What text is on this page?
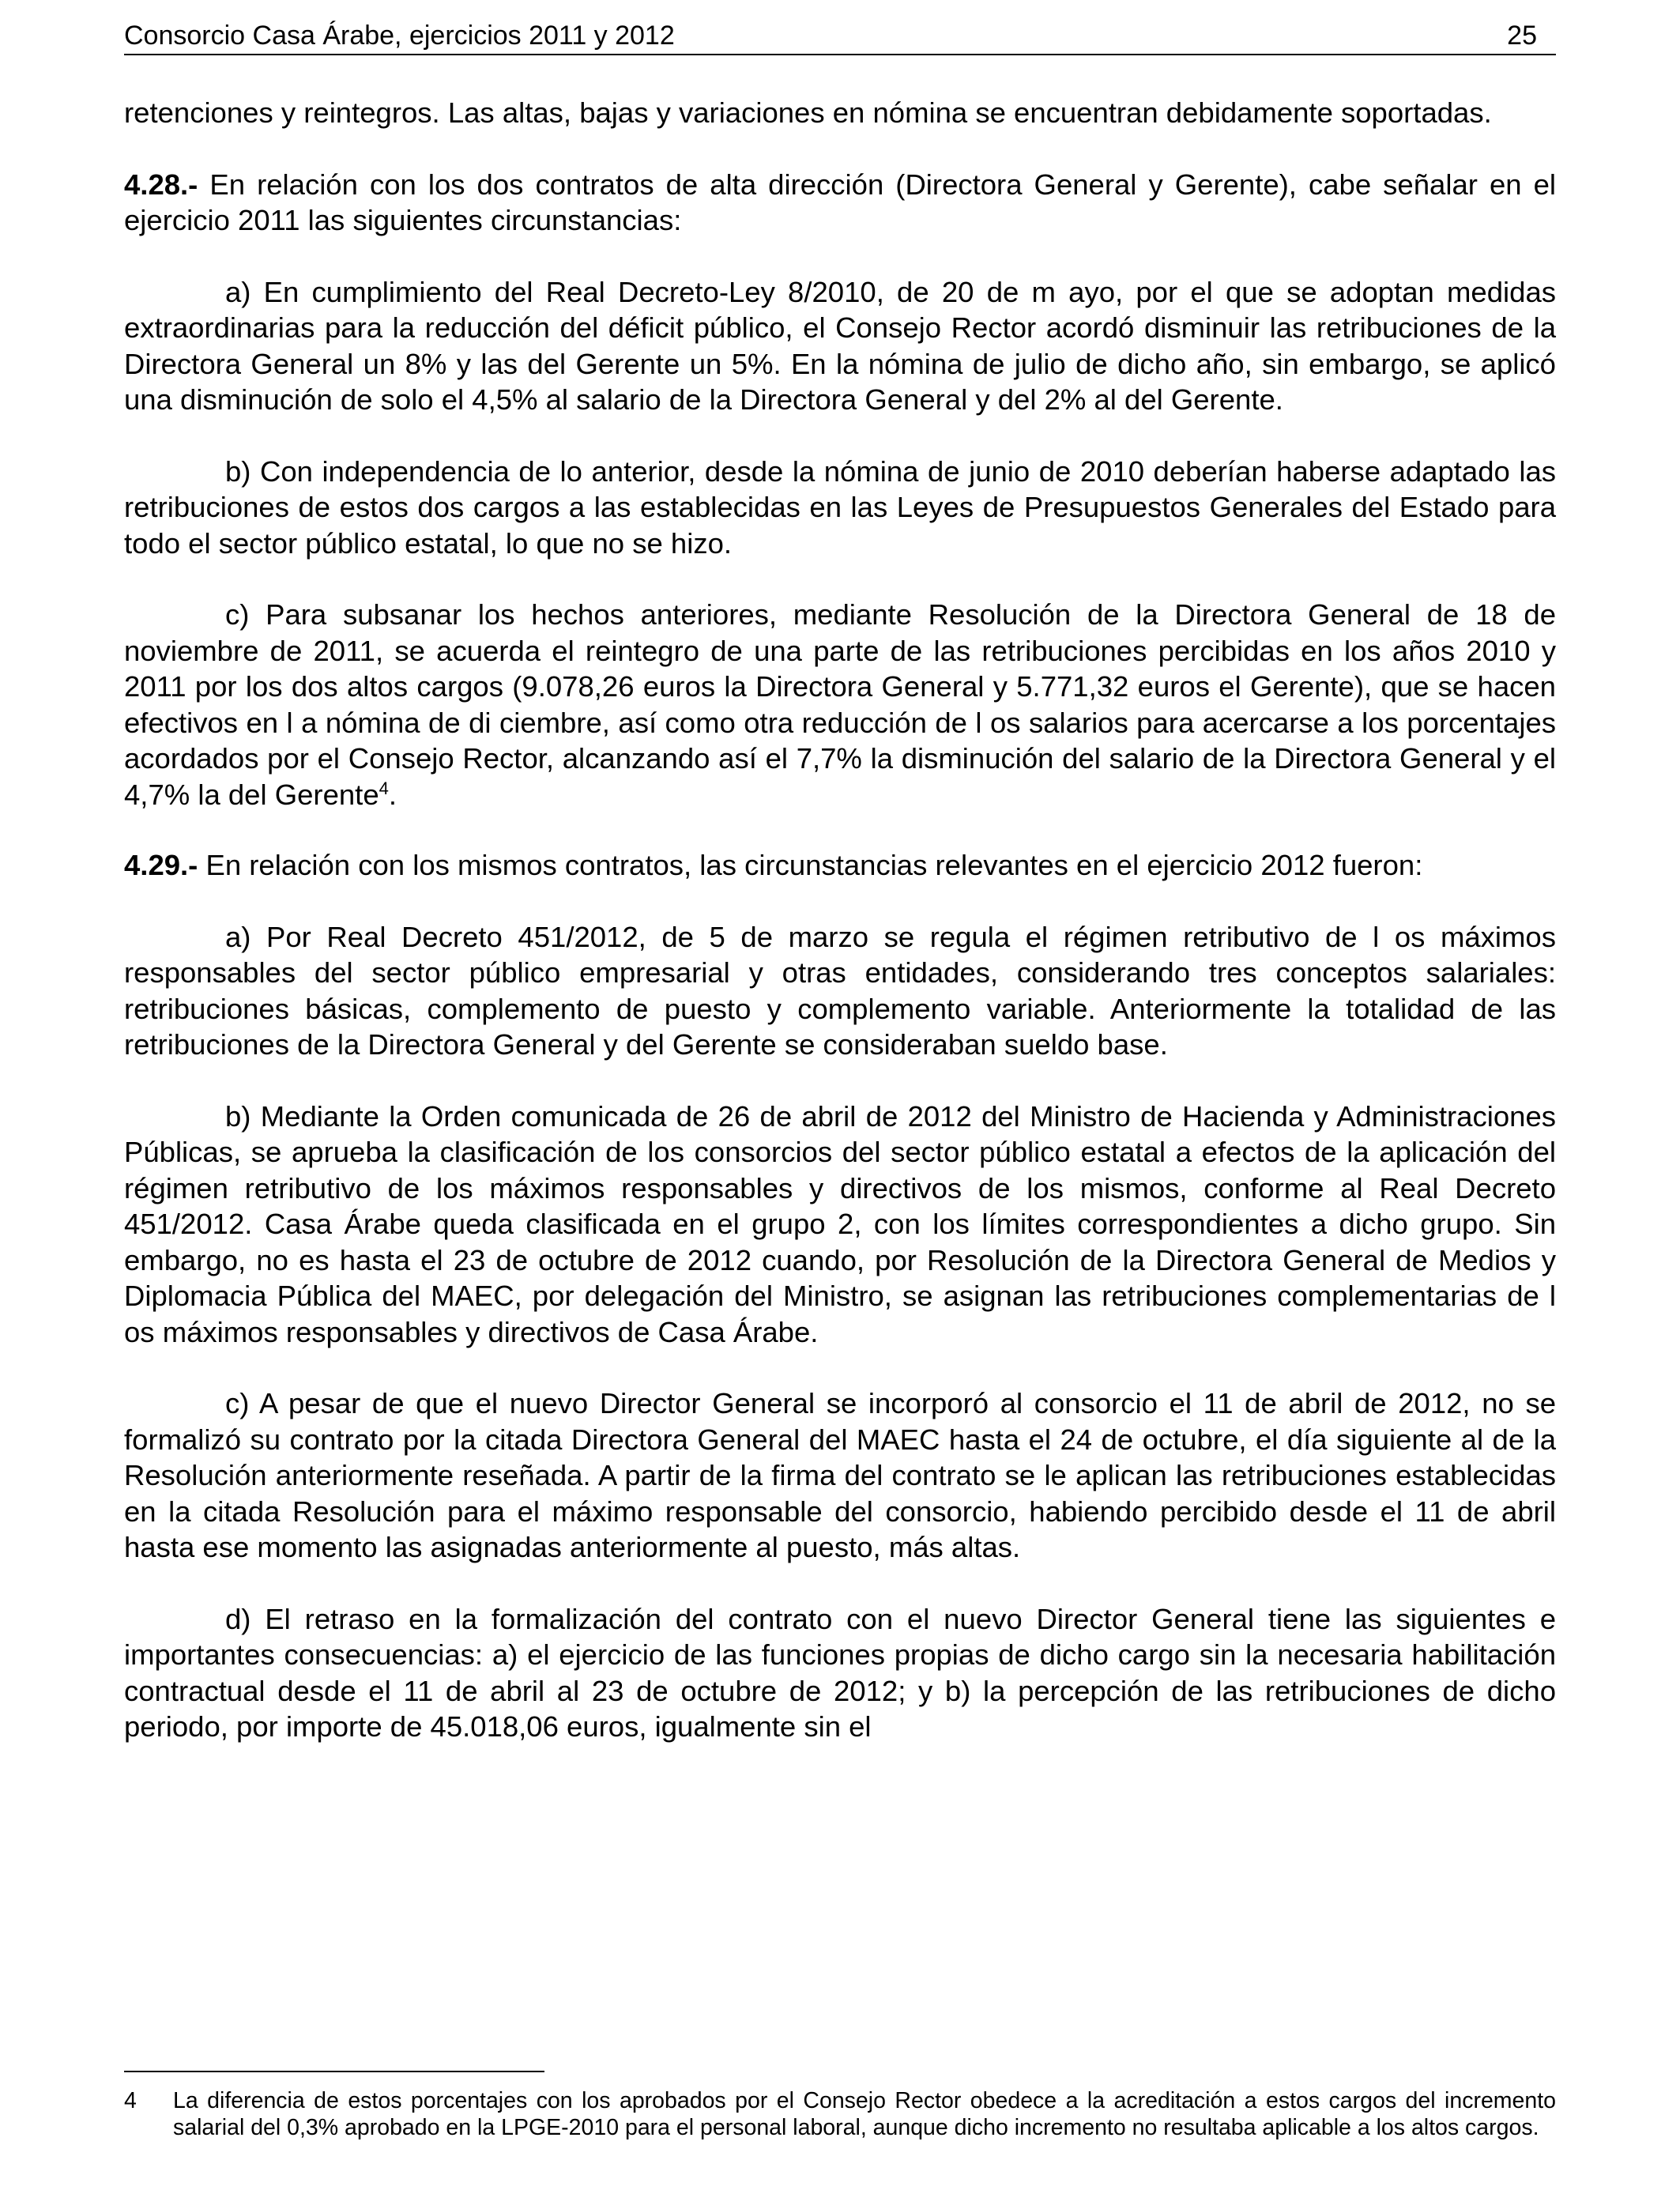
Consorcio Casa Árabe, ejercicios 2011 y 2012	25

retenciones y reintegros. Las altas, bajas y variaciones en nómina se encuentran debidamente soportadas.

4.28.- En relación con los dos contratos de alta dirección (Directora General y Gerente), cabe señalar en el ejercicio 2011 las siguientes circunstancias:

a) En cumplimiento del Real Decreto-Ley 8/2010, de 20 de m ayo, por el que se adoptan medidas extraordinarias para la reducción del déficit público, el Consejo Rector acordó disminuir las retribuciones de la Directora General un 8% y las del Gerente un 5%. En la nómina de julio de dicho año, sin embargo, se aplicó una disminución de solo el 4,5% al salario de la Directora General y del 2% al del Gerente.

b) Con independencia de lo anterior, desde la nómina de junio de 2010 deberían haberse adaptado las retribuciones de estos dos cargos a las establecidas en las Leyes de Presupuestos Generales del Estado para todo el sector público estatal, lo que no se hizo.

c) Para subsanar los hechos anteriores, mediante Resolución de la Directora General de 18 de noviembre de 2011, se acuerda el reintegro de una parte de las retribuciones percibidas en los años 2010 y 2011 por los dos altos cargos (9.078,26 euros la Directora General y 5.771,32 euros el Gerente), que se hacen efectivos en l a nómina de di ciembre, así como otra reducción de l os salarios para acercarse a los porcentajes acordados por el Consejo Rector, alcanzando así el 7,7% la disminución del salario de la Directora General y el 4,7% la del Gerente$^4$.

4.29.- En relación con los mismos contratos, las circunstancias relevantes en el ejercicio 2012 fueron:

a) Por Real Decreto 451/2012, de 5 de marzo se regula el régimen retributivo de l os máximos responsables del sector público empresarial y otras entidades, considerando tres conceptos salariales: retribuciones básicas, complemento de puesto y complemento variable. Anteriormente la totalidad de las retribuciones de la Directora General y del Gerente se consideraban sueldo base.

b) Mediante la Orden comunicada de 26 de abril de 2012 del Ministro de Hacienda y Administraciones Públicas, se aprueba la clasificación de los consorcios del sector público estatal a efectos de la aplicación del régimen retributivo de los máximos responsables y directivos de los mismos, conforme al Real Decreto 451/2012. Casa Árabe queda clasificada en el grupo 2, con los límites correspondientes a dicho grupo. Sin embargo, no es hasta el 23 de octubre de 2012 cuando, por Resolución de la Directora General de Medios y Diplomacia Pública del MAEC, por delegación del Ministro, se asignan las retribuciones complementarias de l os máximos responsables y directivos de Casa Árabe.

c) A pesar de que el nuevo Director General se incorporó al consorcio el 11 de abril de 2012, no se formalizó su contrato por la citada Directora General del MAEC hasta el 24 de octubre, el día siguiente al de la Resolución anteriormente reseñada. A partir de la firma del contrato se le aplican las retribuciones establecidas en la citada Resolución para el máximo responsable del consorcio, habiendo percibido desde el 11 de abril hasta ese momento las asignadas anteriormente al puesto, más altas.

d) El retraso en la formalización del contrato con el nuevo Director General tiene las siguientes e importantes consecuencias: a) el ejercicio de las funciones propias de dicho cargo sin la necesaria habilitación contractual desde el 11 de abril al 23 de octubre de 2012; y b) la percepción de las retribuciones de dicho periodo, por importe de 45.018,06 euros, igualmente sin el

4 La diferencia de estos porcentajes con los aprobados por el Consejo Rector obedece a la acreditación a estos cargos del incremento salarial del 0,3% aprobado en la LPGE-2010 para el personal laboral, aunque dicho incremento no resultaba aplicable a los altos cargos.
